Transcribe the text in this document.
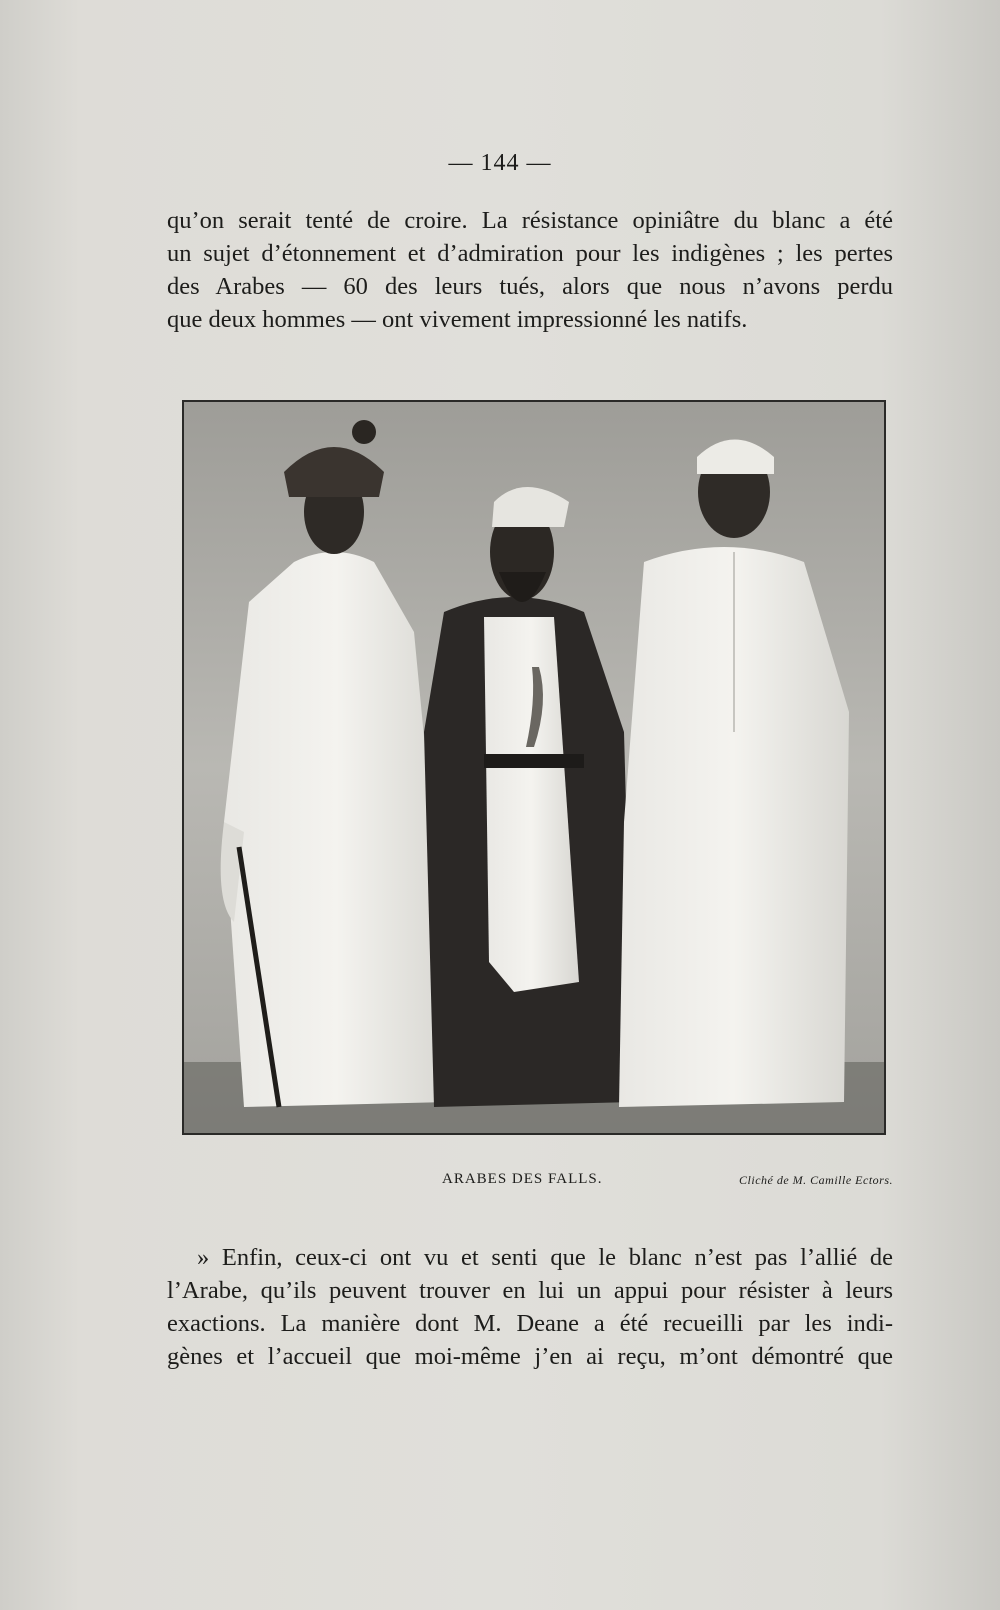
— 144 —
qu’on serait tenté de croire. La résistance opiniâtre du blanc a été
un sujet d’étonnement et d’admiration pour les indigènes ; les pertes
des Arabes — 60 des leurs tués, alors que nous n’avons perdu
que deux hommes — ont vivement impressionné les natifs.
ARABES DES FALLS.	Cliché de M. Camille Ectors.
» Enfin, ceux-ci ont vu et senti que le blanc n’est pas l’allié de
l’Arabe, qu’ils peuvent trouver en lui un appui pour résister à leurs
exactions. La manière dont M. Deane a été recueilli par les indi-
gènes et l’accueil que moi-même j’en ai reçu, m’ont démontré que
